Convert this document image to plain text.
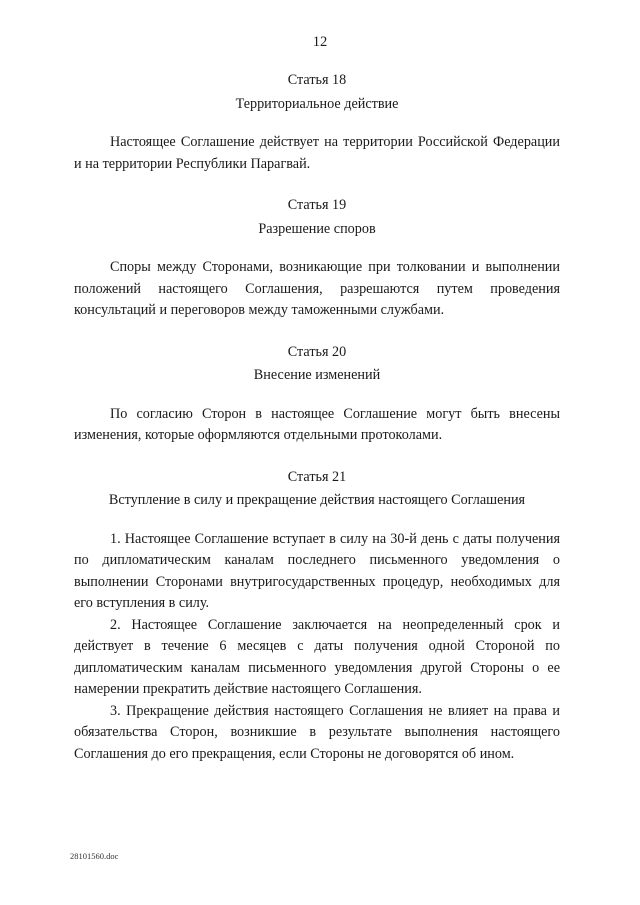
12

Статья 18

Территориальное действие

Настоящее Соглашение действует на территории Российской Федерации и на территории Республики Парагвай.

Статья 19

Разрешение споров

Споры между Сторонами, возникающие при толковании и выполнении положений настоящего Соглашения, разрешаются путем проведения консультаций и переговоров между таможенными службами.

Статья 20

Внесение изменений

По согласию Сторон в настоящее Соглашение могут быть внесены изменения, которые оформляются отдельными протоколами.

Статья 21

Вступление в силу и прекращение действия настоящего Соглашения

1. Настоящее Соглашение вступает в силу на 30-й день с даты получения по дипломатическим каналам последнего письменного уведомления о выполнении Сторонами внутригосударственных процедур, необходимых для его вступления в силу.

2. Настоящее Соглашение заключается на неопределенный срок и действует в течение 6 месяцев с даты получения одной Стороной по дипломатическим каналам письменного уведомления другой Стороны о ее намерении прекратить действие настоящего Соглашения.

3. Прекращение действия настоящего Соглашения не влияет на права и обязательства Сторон, возникшие в результате выполнения настоящего Соглашения до его прекращения, если Стороны не договорятся об ином.

28101560.doc
